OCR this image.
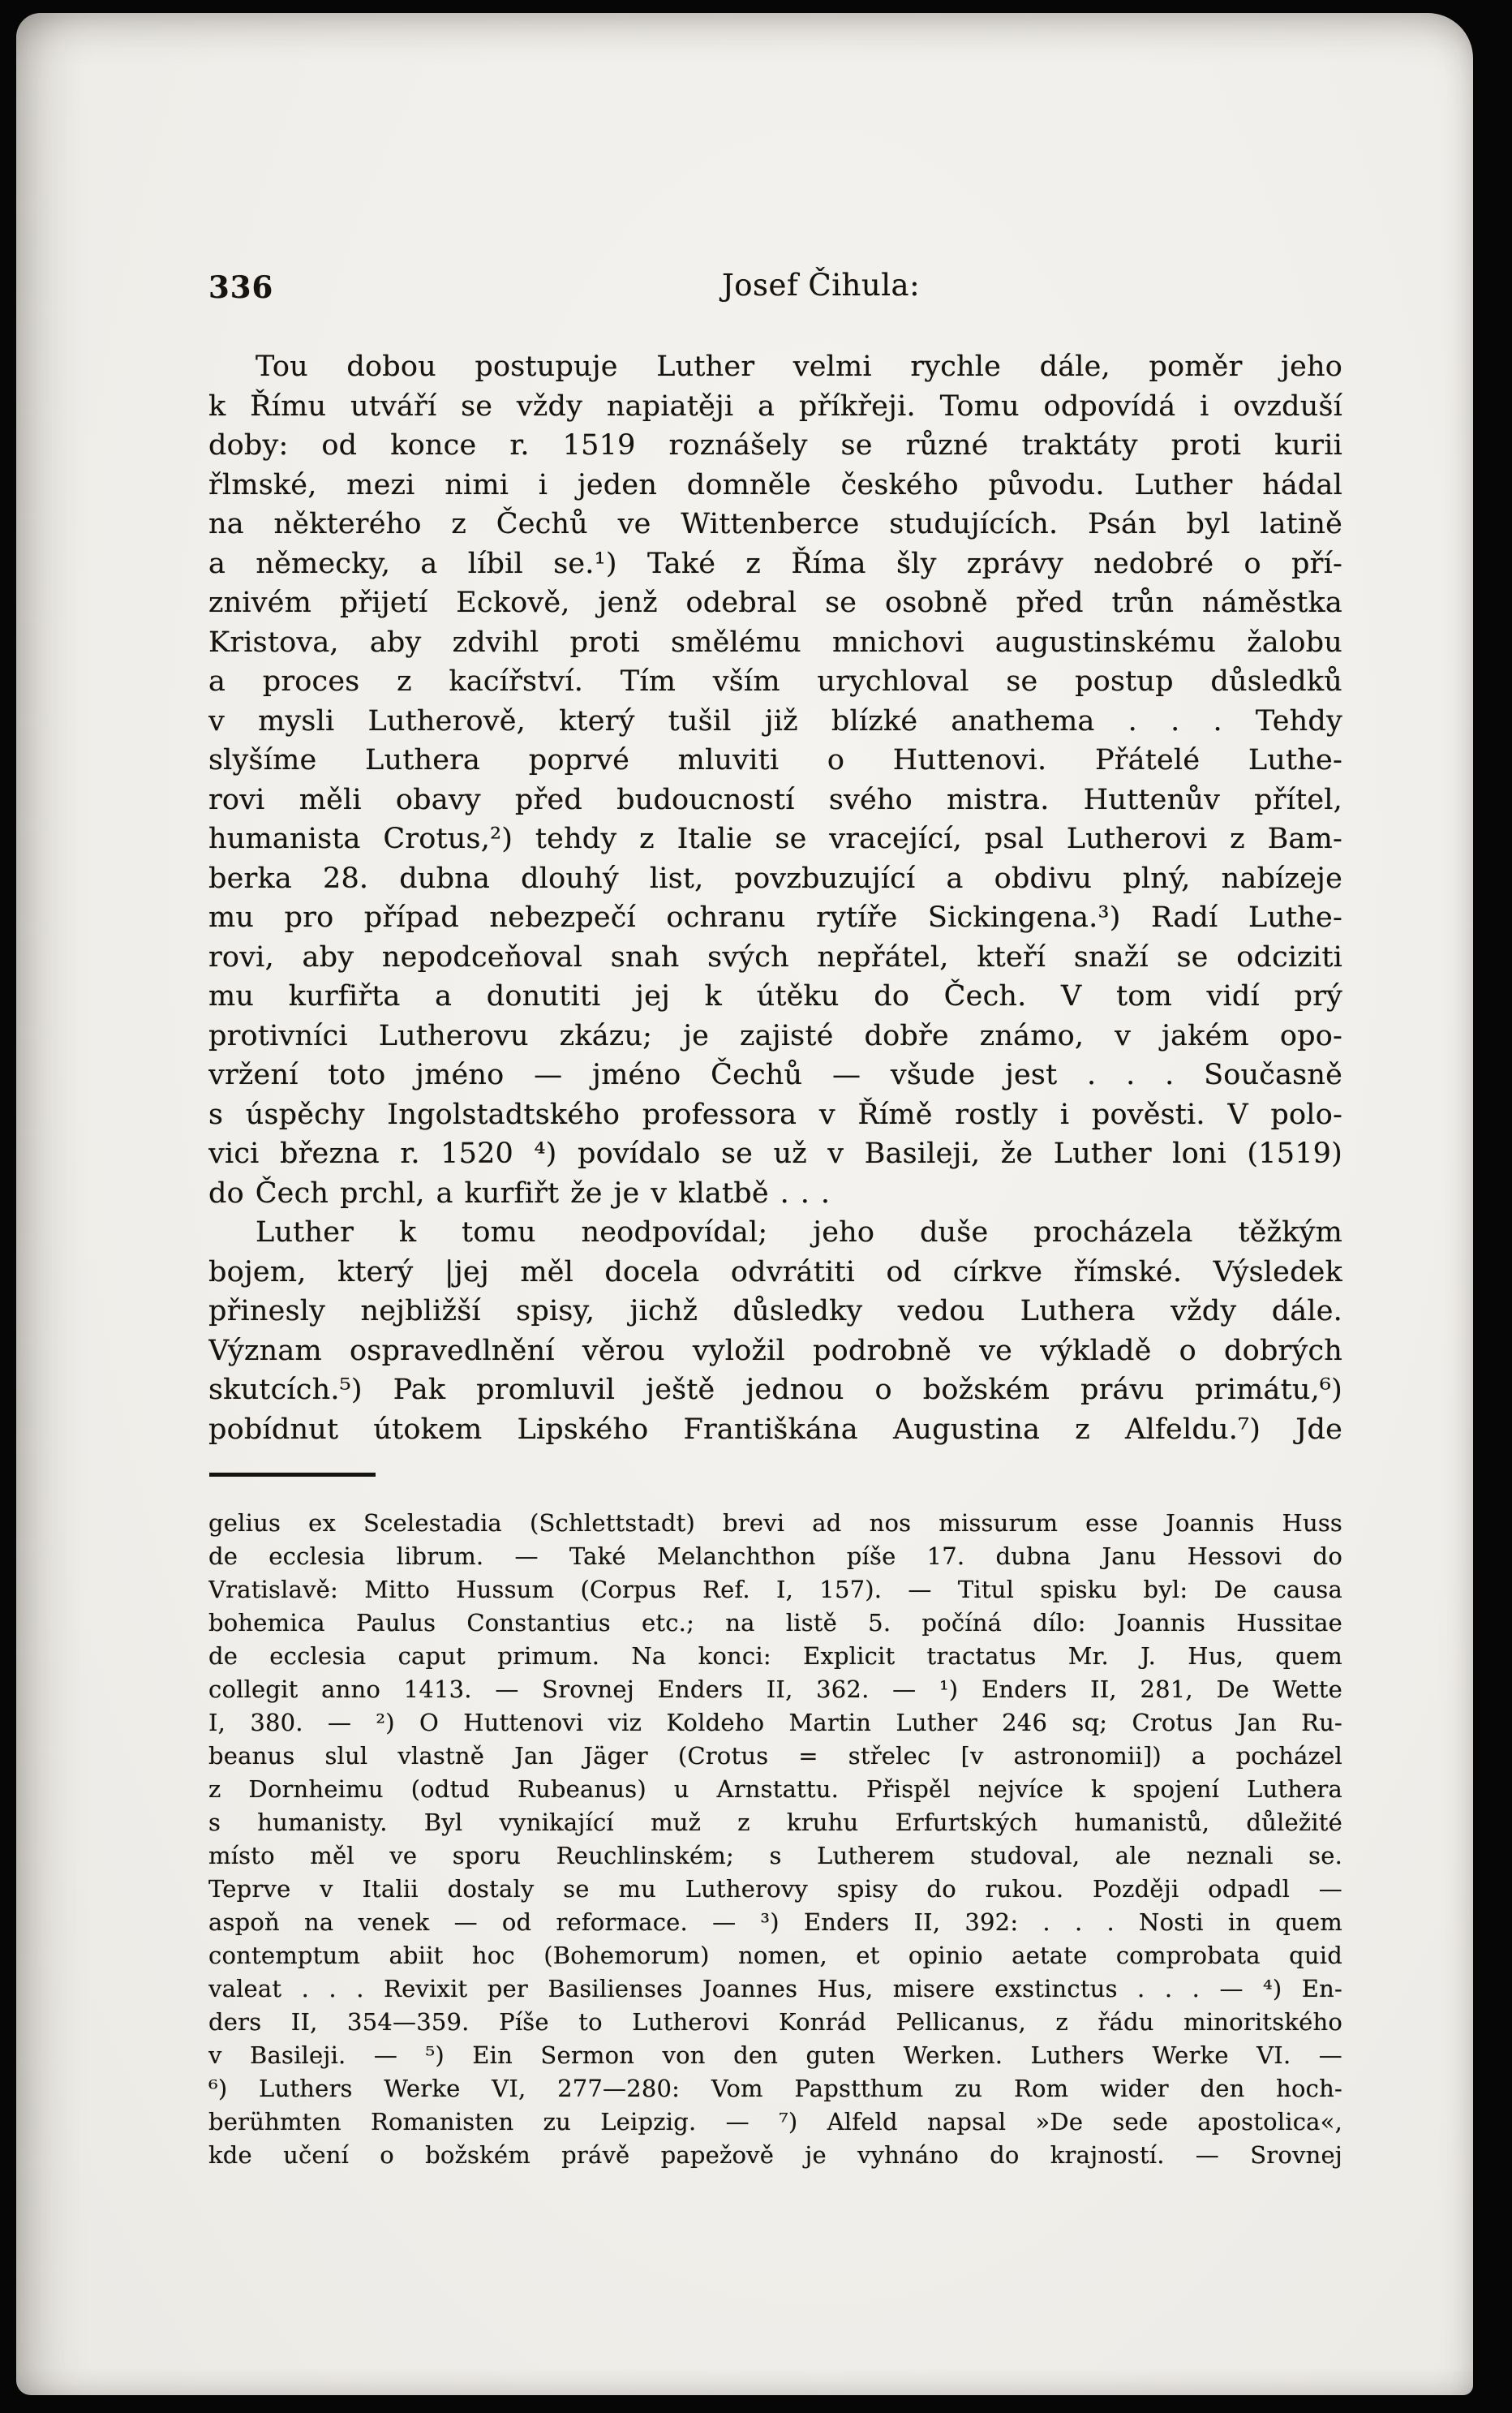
336	Josef Čihula:
Tou dobou postupuje Luther velmi rychle dále, poměr jeho
k Římu utváří se vždy napiatěji a příkřeji. Tomu odpovídá i ovzduší
doby: od konce r. 1519 roznášely se různé traktáty proti kurii
řlmské, mezi nimi i jeden domněle českého původu. Luther hádal
na některého z Čechů ve Wittenberce studujících. Psán byl latině
a německy, a líbil se.¹) Také z Říma šly zprávy nedobré o pří-
znivém přijetí Eckově, jenž odebral se osobně před trůn náměstka
Kristova, aby zdvihl proti smělému mnichovi augustinskému žalobu
a proces z kacířství. Tím vším urychloval se postup důsledků
v mysli Lutherově, který tušil již blízké anathema . . . Tehdy
slyšíme Luthera poprvé mluviti o Huttenovi. Přátelé Luthe-
rovi měli obavy před budoucností svého mistra. Huttenův přítel,
humanista Crotus,²) tehdy z Italie se vracející, psal Lutherovi z Bam-
berka 28. dubna dlouhý list, povzbuzující a obdivu plný, nabízeje
mu pro případ nebezpečí ochranu rytíře Sickingena.³) Radí Luthe-
rovi, aby nepodceňoval snah svých nepřátel, kteří snaží se odciziti
mu kurfiřta a donutiti jej k útěku do Čech. V tom vidí prý
protivníci Lutherovu zkázu; je zajisté dobře známo, v jakém opo-
vržení toto jméno — jméno Čechů — všude jest . . . Současně
s úspěchy Ingolstadtského professora v Římě rostly i pověsti. V polo-
vici března r. 1520 ⁴) povídalo se už v Basileji, že Luther loni (1519)
do Čech prchl, a kurfiřt že je v klatbě . . .
Luther k tomu neodpovídal; jeho duše procházela těžkým
bojem, který |jej měl docela odvrátiti od církve římské. Výsledek
přinesly nejbližší spisy, jichž důsledky vedou Luthera vždy dále.
Význam ospravedlnění věrou vyložil podrobně ve výkladě o dobrých
skutcích.⁵) Pak promluvil ještě jednou o božském právu primátu,⁶)
pobídnut útokem Lipského Františkána Augustina z Alfeldu.⁷) Jde
gelius ex Scelestadia (Schlettstadt) brevi ad nos missurum esse Joannis Huss
de ecclesia librum. — Také Melanchthon píše 17. dubna Janu Hessovi do
Vratislavě: Mitto Hussum (Corpus Ref. I, 157). — Titul spisku byl: De causa
bohemica Paulus Constantius etc.; na listě 5. počíná dílo: Joannis Hussitae
de ecclesia caput primum. Na konci: Explicit tractatus Mr. J. Hus, quem
collegit anno 1413. — Srovnej Enders II, 362. — ¹) Enders II, 281, De Wette
I, 380. — ²) O Huttenovi viz Koldeho Martin Luther 246 sq; Crotus Jan Ru-
beanus slul vlastně Jan Jäger (Crotus = střelec [v astronomii]) a pocházel
z Dornheimu (odtud Rubeanus) u Arnstattu. Přispěl nejvíce k spojení Luthera
s humanisty. Byl vynikající muž z kruhu Erfurtských humanistů, důležité
místo měl ve sporu Reuchlinském; s Lutherem studoval, ale neznali se.
Teprve v Italii dostaly se mu Lutherovy spisy do rukou. Později odpadl —
aspoň na venek — od reformace. — ³) Enders II, 392: . . . Nosti in quem
contemptum abiit hoc (Bohemorum) nomen, et opinio aetate comprobata quid
valeat . . . Revixit per Basilienses Joannes Hus, misere exstinctus . . . — ⁴) En-
ders II, 354—359. Píše to Lutherovi Konrád Pellicanus, z řádu minoritského
v Basileji. — ⁵) Ein Sermon von den guten Werken. Luthers Werke VI. —
⁶) Luthers Werke VI, 277—280: Vom Papstthum zu Rom wider den hoch-
berühmten Romanisten zu Leipzig. — ⁷) Alfeld napsal »De sede apostolica«,
kde učení o božském právě papežově je vyhnáno do krajností. — Srovnej
